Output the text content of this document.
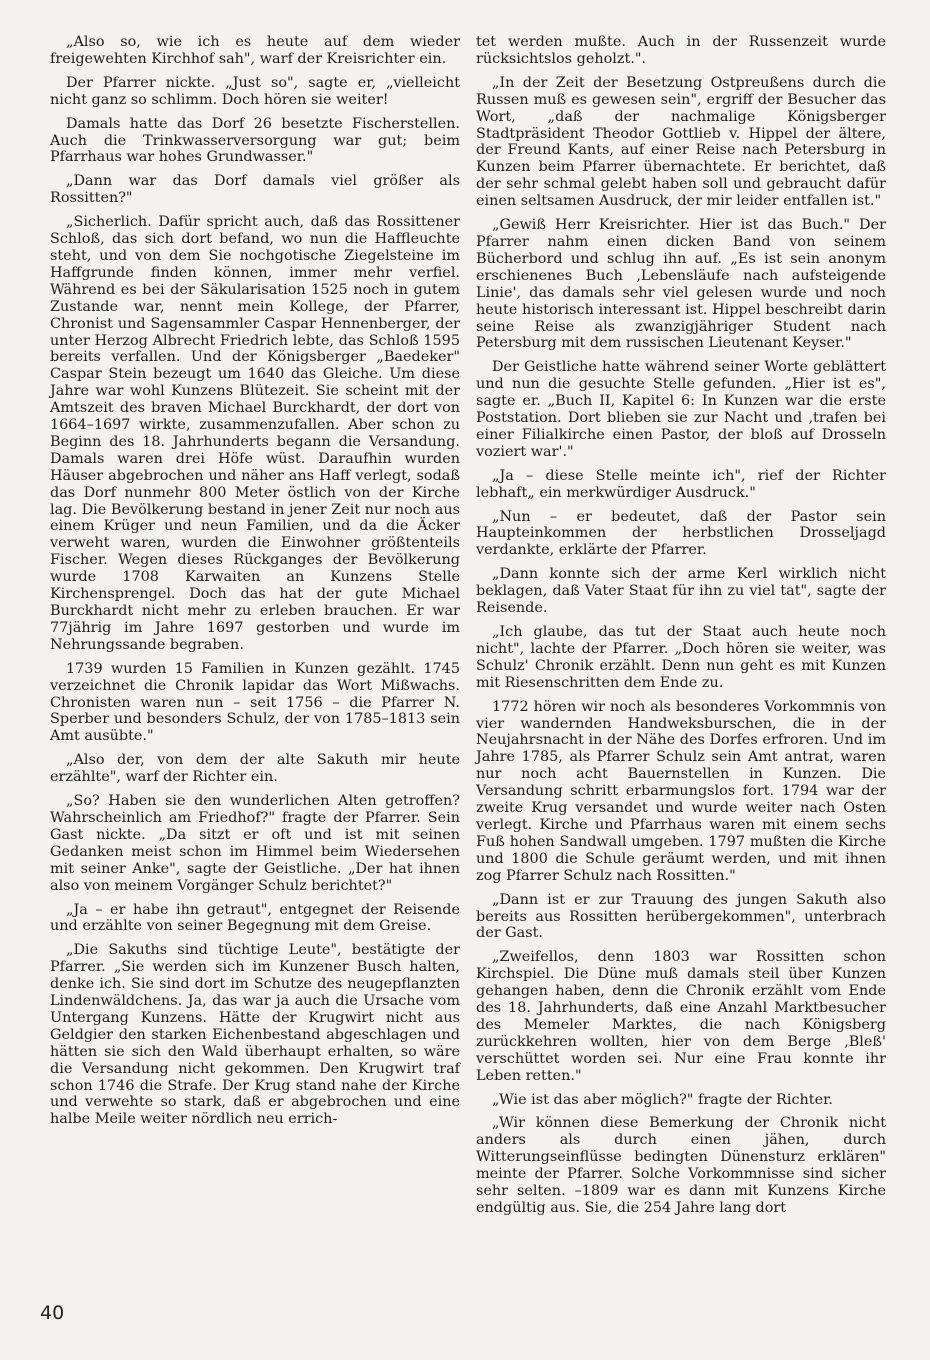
„Also so, wie ich es heute auf dem wieder freigewehten Kirchhof sah", warf der Kreisrichter ein.

Der Pfarrer nickte. „Just so", sagte er, „vielleicht nicht ganz so schlimm. Doch hören sie weiter!

Damals hatte das Dorf 26 besetzte Fischerstellen. Auch die Trinkwasserversorgung war gut; beim Pfarrhaus war hohes Grundwasser."

„Dann war das Dorf damals viel größer als Rossitten?"

„Sicherlich. Dafür spricht auch, daß das Rossittener Schloß, das sich dort befand, wo nun die Haffleuchte steht, und von dem Sie nochgotische Ziegelsteine im Haffgrunde finden können, immer mehr verfiel. Während es bei der Säkularisation 1525 noch in gutem Zustande war, nennt mein Kollege, der Pfarrer, Chronist und Sagensammler Caspar Hennenberger, der unter Herzog Albrecht Friedrich lebte, das Schloß 1595 bereits verfallen. Und der Königsberger „Baedeker" Caspar Stein bezeugt um 1640 das Gleiche. Um diese Jahre war wohl Kunzens Blütezeit. Sie scheint mit der Amtszeit des braven Michael Burckhardt, der dort von 1664–1697 wirkte, zusammenzufallen. Aber schon zu Beginn des 18. Jahrhunderts begann die Versandung. Damals waren drei Höfe wüst. Daraufhin wurden Häuser abgebrochen und näher ans Haff verlegt, sodaß das Dorf nunmehr 800 Meter östlich von der Kirche lag. Die Bevölkerung bestand in jener Zeit nur noch aus einem Krüger und neun Familien, und da die Äcker verweht waren, wurden die Einwohner größtenteils Fischer. Wegen dieses Rückganges der Bevölkerung wurde 1708 Karwaiten an Kunzens Stelle Kirchensprengel. Doch das hat der gute Michael Burckhardt nicht mehr zu erleben brauchen. Er war 77jährig im Jahre 1697 gestorben und wurde im Nehrungssande begraben.

1739 wurden 15 Familien in Kunzen gezählt. 1745 verzeichnet die Chronik lapidar das Wort Mißwachs. Chronisten waren nun – seit 1756 – die Pfarrer N. Sperber und besonders Schulz, der von 1785–1813 sein Amt ausübte."

„Also der, von dem der alte Sakuth mir heute erzählte", warf der Richter ein.

„So? Haben sie den wunderlichen Alten getroffen? Wahrscheinlich am Friedhof?" fragte der Pfarrer. Sein Gast nickte. „Da sitzt er oft und ist mit seinen Gedanken meist schon im Himmel beim Wiedersehen mit seiner Anke", sagte der Geistliche. „Der hat ihnen also von meinem Vorgänger Schulz berichtet?"

„Ja – er habe ihn getraut", entgegnet der Reisende und erzählte von seiner Begegnung mit dem Greise.

„Die Sakuths sind tüchtige Leute", bestätigte der Pfarrer. „Sie werden sich im Kunzener Busch halten, denke ich. Sie sind dort im Schutze des neugepflanzten Lindenwäldchens. Ja, das war ja auch die Ursache vom Untergang Kunzens. Hätte der Krugwirt nicht aus Geldgier den starken Eichenbestand abgeschlagen und hätten sie sich den Wald überhaupt erhalten, so wäre die Versandung nicht gekommen. Den Krugwirt traf schon 1746 die Strafe. Der Krug stand nahe der Kirche und verwehte so stark, daß er abgebrochen und eine halbe Meile weiter nördlich neu errich-

tet werden mußte. Auch in der Russenzeit wurde rücksichtslos geholzt.".

„In der Zeit der Besetzung Ostpreußens durch die Russen muß es gewesen sein", ergriff der Besucher das Wort, „daß der nachmalige Königsberger Stadtpräsident Theodor Gottlieb v. Hippel der ältere, der Freund Kants, auf einer Reise nach Petersburg in Kunzen beim Pfarrer übernachtete. Er berichtet, daß der sehr schmal gelebt haben soll und gebraucht dafür einen seltsamen Ausdruck, der mir leider entfallen ist."

„Gewiß Herr Kreisrichter. Hier ist das Buch." Der Pfarrer nahm einen dicken Band von seinem Bücherbord und schlug ihn auf. „Es ist sein anonym erschienenes Buch ‚Lebensläufe nach aufsteigende Linie', das damals sehr viel gelesen wurde und noch heute historisch interessant ist. Hippel beschreibt darin seine Reise als zwanzigjähriger Student nach Petersburg mit dem russischen Lieutenant Keyser."

Der Geistliche hatte während seiner Worte geblättert und nun die gesuchte Stelle gefunden. „Hier ist es", sagte er. „Buch II, Kapitel 6: In Kunzen war die erste Poststation. Dort blieben sie zur Nacht und ‚trafen bei einer Filialkirche einen Pastor, der bloß auf Drosseln voziert war'."

„Ja – diese Stelle meinte ich", rief der Richter lebhaft„ ein merkwürdiger Ausdruck."

„Nun – er bedeutet, daß der Pastor sein Haupteinkommen der herbstlichen Drosseljagd verdankte, erklärte der Pfarrer.

„Dann konnte sich der arme Kerl wirklich nicht beklagen, daß Vater Staat für ihn zu viel tat", sagte der Reisende.

„Ich glaube, das tut der Staat auch heute noch nicht", lachte der Pfarrer. „Doch hören sie weiter, was Schulz' Chronik erzählt. Denn nun geht es mit Kunzen mit Riesenschritten dem Ende zu.

1772 hören wir noch als besonderes Vorkommnis von vier wandernden Handweksburschen, die in der Neujahrsnacht in der Nähe des Dorfes erfroren. Und im Jahre 1785, als Pfarrer Schulz sein Amt antrat, waren nur noch acht Bauernstellen in Kunzen. Die Versandung schritt erbarmungslos fort. 1794 war der zweite Krug versandet und wurde weiter nach Osten verlegt. Kirche und Pfarrhaus waren mit einem sechs Fuß hohen Sandwall umgeben. 1797 mußten die Kirche und 1800 die Schule geräumt werden, und mit ihnen zog Pfarrer Schulz nach Rossitten."

„Dann ist er zur Trauung des jungen Sakuth also bereits aus Rossitten herübergekommen", unterbrach der Gast.

„Zweifellos, denn 1803 war Rossitten schon Kirchspiel. Die Düne muß damals steil über Kunzen gehangen haben, denn die Chronik erzählt vom Ende des 18. Jahrhunderts, daß eine Anzahl Marktbesucher des Memeler Marktes, die nach Königsberg zurückkehren wollten, hier von dem Berge ‚Bleß' verschüttet worden sei. Nur eine Frau konnte ihr Leben retten."

„Wie ist das aber möglich?" fragte der Richter.

„Wir können diese Bemerkung der Chronik nicht anders als durch einen jähen, durch Witterungseinflüsse bedingten Dünensturz erklären" meinte der Pfarrer. Solche Vorkommnisse sind sicher sehr selten. –1809 war es dann mit Kunzens Kirche endgültig aus. Sie, die 254 Jahre lang dort

40
